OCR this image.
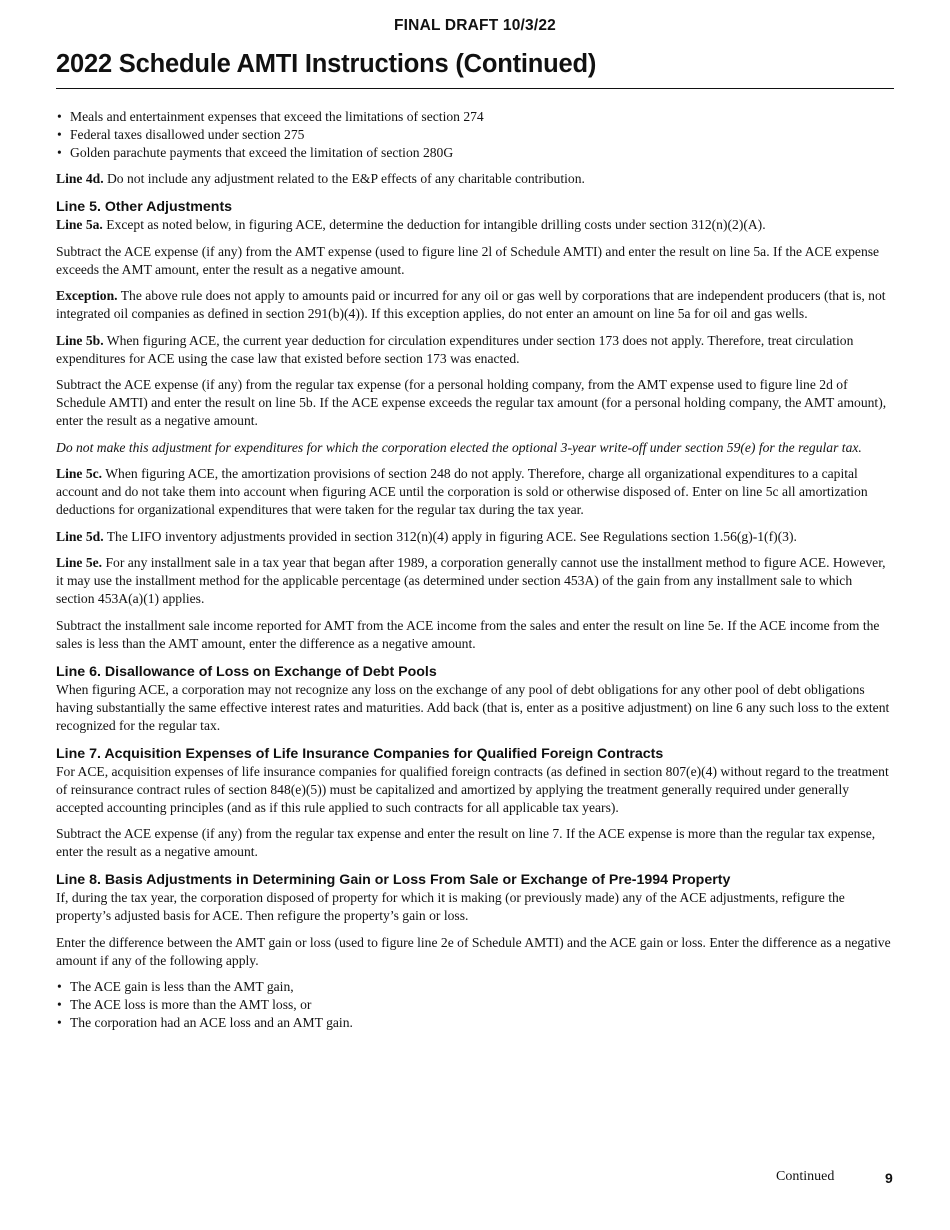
FINAL DRAFT 10/3/22
2022 Schedule AMTI Instructions (Continued)
• Meals and entertainment expenses that exceed the limitations of section 274
• Federal taxes disallowed under section 275
• Golden parachute payments that exceed the limitation of section 280G

Line 4d. Do not include any adjustment related to the E&P effects of any charitable contribution.

Line 5. Other Adjustments

Line 5a. Except as noted below, in figuring ACE, determine the deduction for intangible drilling costs under section 312(n)(2)(A).

Subtract the ACE expense (if any) from the AMT expense (used to figure line 2l of Schedule AMTI) and enter the result on line 5a. If the ACE expense exceeds the AMT amount, enter the result as a negative amount.

Exception. The above rule does not apply to amounts paid or incurred for any oil or gas well by corporations that are independent producers (that is, not integrated oil companies as defined in section 291(b)(4)). If this exception applies, do not enter an amount on line 5a for oil and gas wells.

Line 5b. When figuring ACE, the current year deduction for circulation expenditures under section 173 does not apply. Therefore, treat circulation expenditures for ACE using the case law that existed before section 173 was enacted.

Subtract the ACE expense (if any) from the regular tax expense (for a personal holding company, from the AMT expense used to figure line 2d of Schedule AMTI) and enter the result on line 5b. If the ACE expense exceeds the regular tax amount (for a personal holding company, the AMT amount), enter the result as a negative amount.

Do not make this adjustment for expenditures for which the corporation elected the optional 3-year write-off under section 59(e) for the regular tax.

Line 5c. When figuring ACE, the amortization provisions of section 248 do not apply. Therefore, charge all organizational expenditures to a capital account and do not take them into account when figuring ACE until the corporation is sold or otherwise disposed of. Enter on line 5c all amortization deductions for organizational expenditures that were taken for the regular tax during the tax year.

Line 5d. The LIFO inventory adjustments provided in section 312(n)(4) apply in figuring ACE. See Regulations section 1.56(g)-1(f)(3).

Line 5e. For any installment sale in a tax year that began after 1989, a corporation generally cannot use the installment method to figure ACE. However, it may use the installment method for the applicable percentage (as determined under section 453A) of the gain from any installment sale to which section 453A(a)(1) applies.

Subtract the installment sale income reported for AMT from the ACE income from the sales and enter the result on line 5e. If the ACE income from the sales is less than the AMT amount, enter the difference as a negative amount.

Line 6. Disallowance of Loss on Exchange of Debt Pools

When figuring ACE, a corporation may not recognize any loss on the exchange of any pool of debt obligations for any other pool of debt obligations having substantially the same effective interest rates and maturities. Add back (that is, enter as a positive adjustment) on line 6 any such loss to the extent recognized for the regular tax.

Line 7. Acquisition Expenses of Life Insurance Companies for Qualified Foreign Contracts

For ACE, acquisition expenses of life insurance companies for qualified foreign contracts (as defined in section 807(e)(4) without regard to the treatment of reinsurance contract rules of section 848(e)(5)) must be capitalized and amortized by applying the treatment generally required under generally accepted accounting principles (and as if this rule applied to such contracts for all applicable tax years).

Subtract the ACE expense (if any) from the regular tax expense and enter the result on line 7. If the ACE expense is more than the regular tax expense, enter the result as a negative amount.

Line 8. Basis Adjustments in Determining Gain or Loss From Sale or Exchange of Pre-1994 Property

If, during the tax year, the corporation disposed of property for which it is making (or previously made) any of the ACE adjustments, refigure the property’s adjusted basis for ACE. Then refigure the property’s gain or loss.

Enter the difference between the AMT gain or loss (used to figure line 2e of Schedule AMTI) and the ACE gain or loss. Enter the difference as a negative amount if any of the following apply.

• The ACE gain is less than the AMT gain,
• The ACE loss is more than the AMT loss, or
• The corporation had an ACE loss and an AMT gain.
Continued	9
